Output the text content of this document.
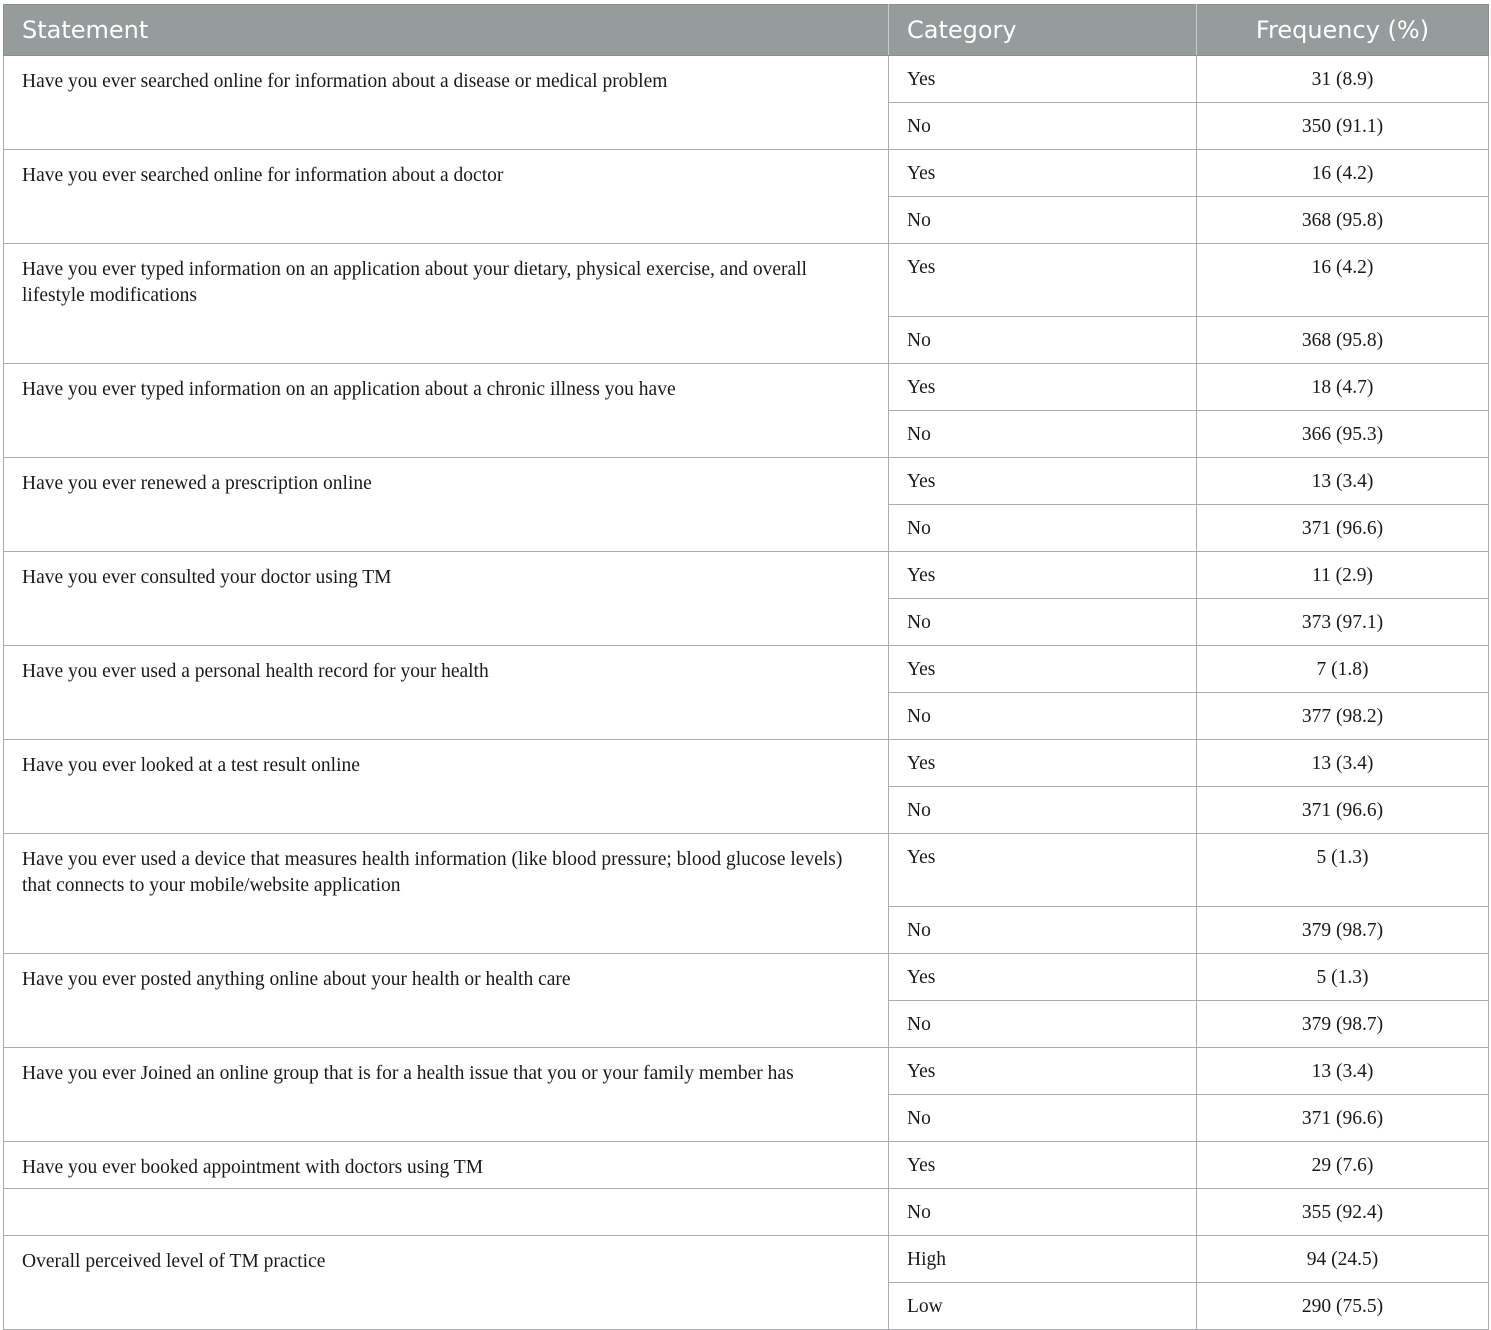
Statement	Category	Frequency (%)
Have you ever searched online for information about a disease or medical problem	Yes	31 (8.9)
	No	350 (91.1)
Have you ever searched online for information about a doctor	Yes	16 (4.2)
	No	368 (95.8)
Have you ever typed information on an application about your dietary, physical exercise, and overall lifestyle modifications	Yes	16 (4.2)
	No	368 (95.8)
Have you ever typed information on an application about a chronic illness you have	Yes	18 (4.7)
	No	366 (95.3)
Have you ever renewed a prescription online	Yes	13 (3.4)
	No	371 (96.6)
Have you ever consulted your doctor using TM	Yes	11 (2.9)
	No	373 (97.1)
Have you ever used a personal health record for your health	Yes	7 (1.8)
	No	377 (98.2)
Have you ever looked at a test result online	Yes	13 (3.4)
	No	371 (96.6)
Have you ever used a device that measures health information (like blood pressure; blood glucose levels) that connects to your mobile/website application	Yes	5 (1.3)
	No	379 (98.7)
Have you ever posted anything online about your health or health care	Yes	5 (1.3)
	No	379 (98.7)
Have you ever Joined an online group that is for a health issue that you or your family member has	Yes	13 (3.4)
	No	371 (96.6)
Have you ever booked appointment with doctors using TM	Yes	29 (7.6)
	No	355 (92.4)
Overall perceived level of TM practice	High	94 (24.5)
	Low	290 (75.5)
